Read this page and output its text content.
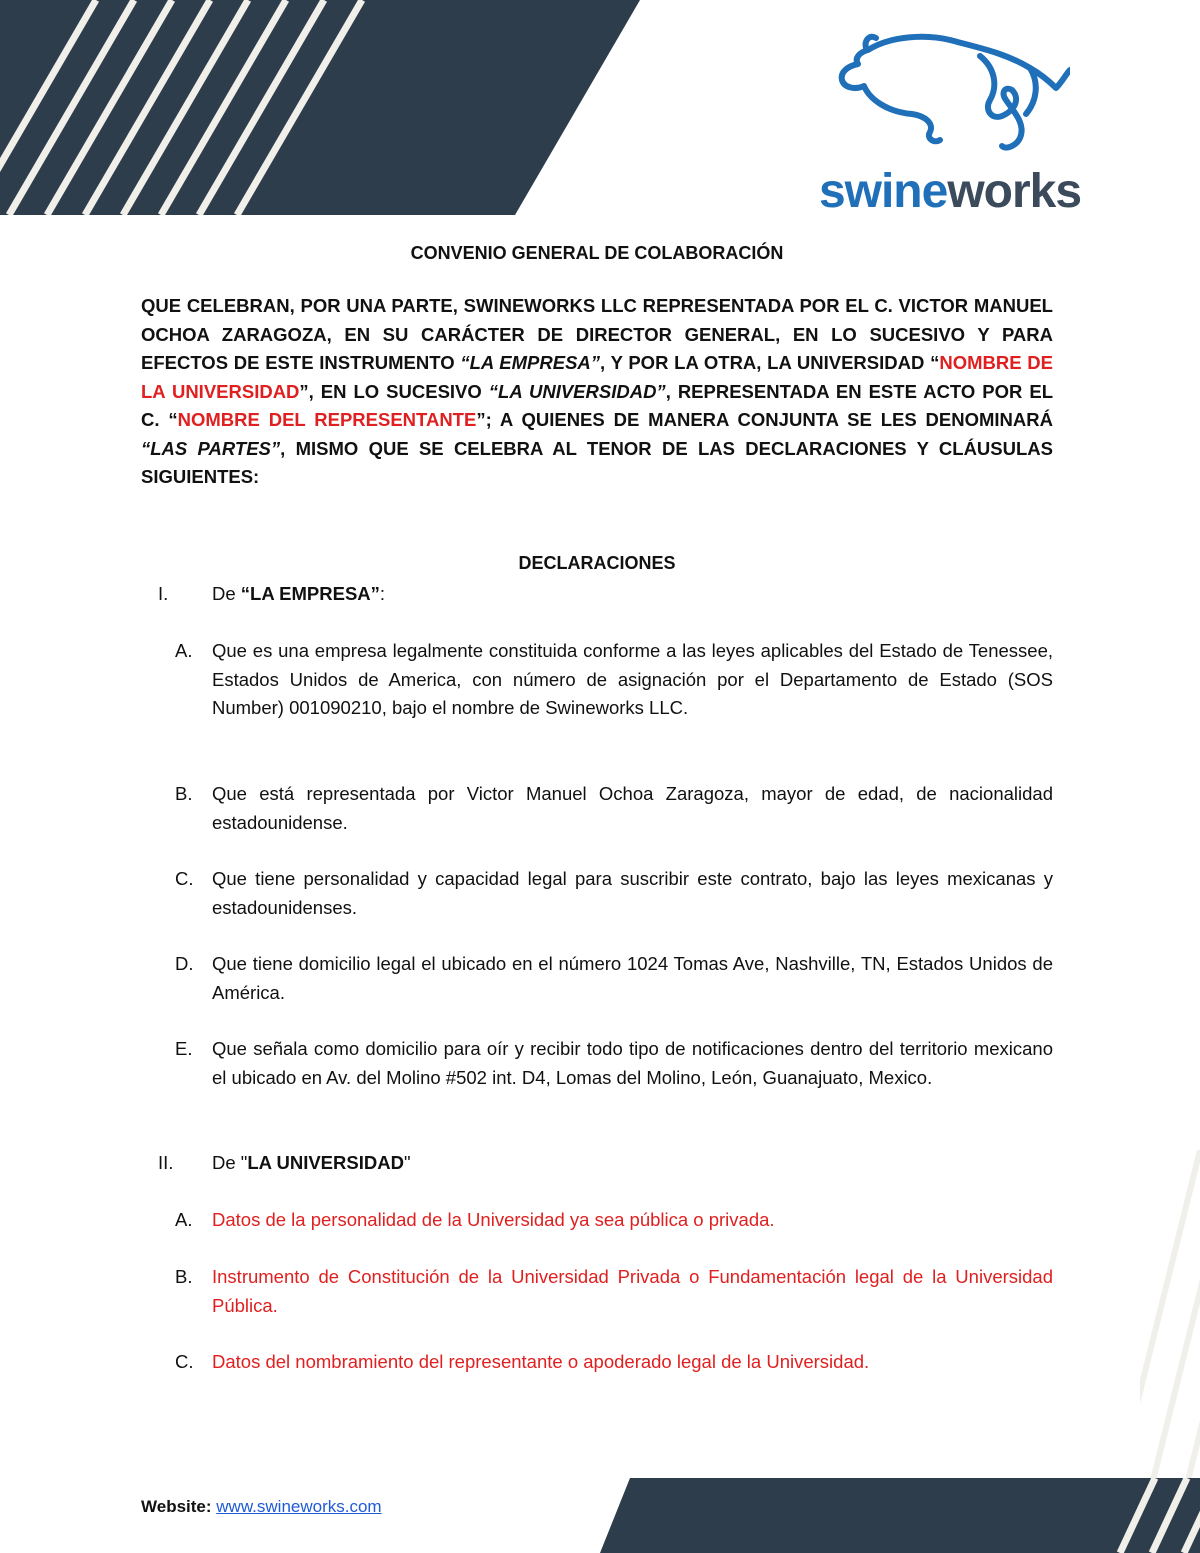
swineworks
CONVENIO GENERAL DE COLABORACIÓN
QUE CELEBRAN, POR UNA PARTE, SWINEWORKS LLC REPRESENTADA POR EL C. VICTOR MANUEL OCHOA ZARAGOZA, EN SU CARÁCTER DE DIRECTOR GENERAL, EN LO SUCESIVO Y PARA EFECTOS DE ESTE INSTRUMENTO “LA EMPRESA”, Y POR LA OTRA, LA UNIVERSIDAD “NOMBRE DE LA UNIVERSIDAD”, EN LO SUCESIVO “LA UNIVERSIDAD”, REPRESENTADA EN ESTE ACTO POR EL C. “NOMBRE DEL REPRESENTANTE”; A QUIENES DE MANERA CONJUNTA SE LES DENOMINARÁ “LAS PARTES”, MISMO QUE SE CELEBRA AL TENOR DE LAS DECLARACIONES Y CLÁUSULAS SIGUIENTES:
DECLARACIONES
I. De “LA EMPRESA”:
A.	Que es una empresa legalmente constituida conforme a las leyes aplicables del Estado de Tenessee, Estados Unidos de America, con número de asignación por el Departamento de Estado (SOS Number) 001090210, bajo el nombre de Swineworks LLC.
B.	Que está representada por Victor Manuel Ochoa Zaragoza, mayor de edad, de nacionalidad estadounidense.
C.	Que tiene personalidad y capacidad legal para suscribir este contrato, bajo las leyes mexicanas y estadounidenses.
D.	Que tiene domicilio legal el ubicado en el número 1024 Tomas Ave, Nashville, TN, Estados Unidos de América.
E.	Que señala como domicilio para oír y recibir todo tipo de notificaciones dentro del territorio mexicano el ubicado en Av. del Molino #502 int. D4, Lomas del Molino, León, Guanajuato, Mexico.
II. De "LA UNIVERSIDAD"
A.	Datos de la personalidad de la Universidad ya sea pública o privada.
B.	Instrumento de Constitución de la Universidad Privada o Fundamentación legal de la Universidad Pública.
C.	Datos del nombramiento del representante o apoderado legal de la Universidad.
Website: www.swineworks.com
